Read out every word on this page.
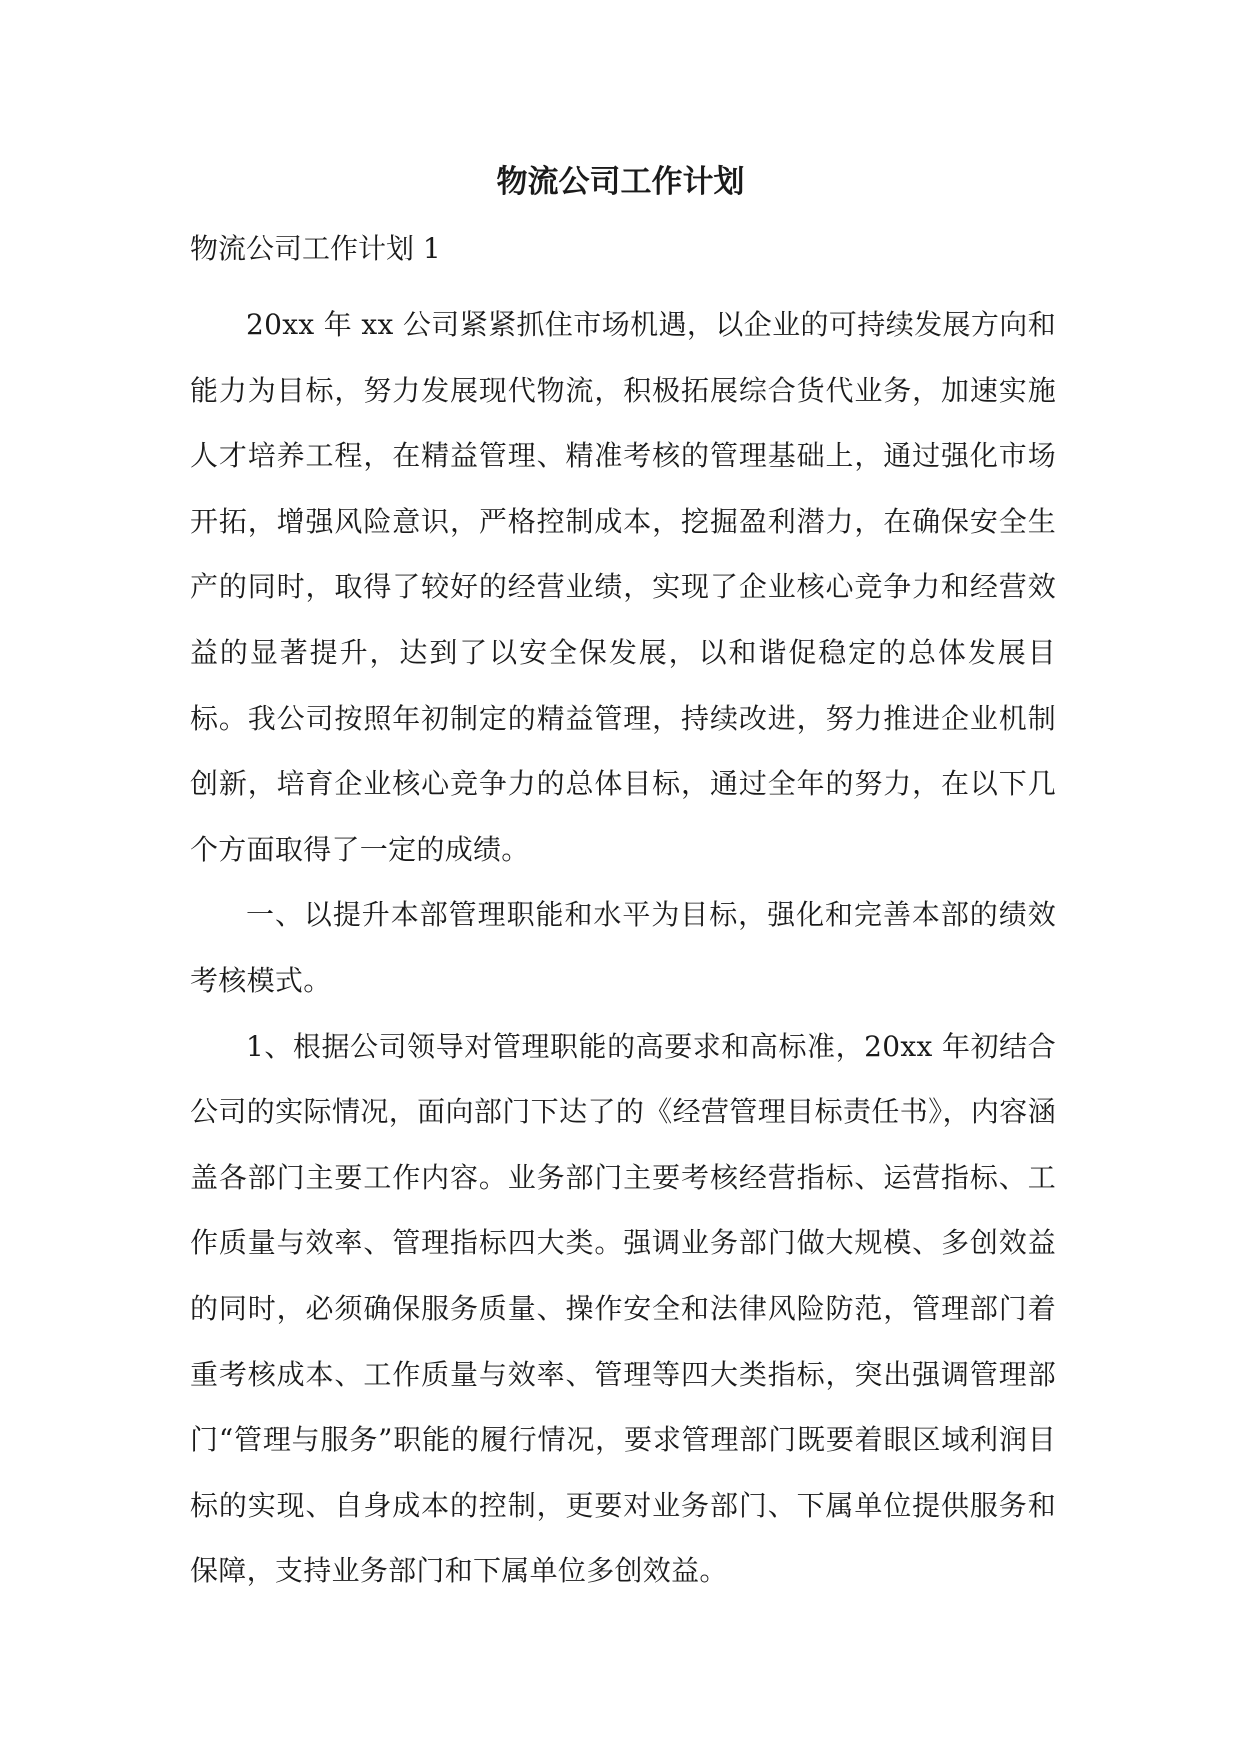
物流公司工作计划

物流公司工作计划 1

20xx 年 xx 公司紧紧抓住市场机遇，以企业的可持续发展方向和能力为目标，努力发展现代物流，积极拓展综合货代业务，加速实施人才培养工程，在精益管理、精准考核的管理基础上，通过强化市场开拓，增强风险意识，严格控制成本，挖掘盈利潜力，在确保安全生产的同时，取得了较好的经营业绩，实现了企业核心竞争力和经营效益的显著提升，达到了以安全保发展，以和谐促稳定的总体发展目标。我公司按照年初制定的精益管理，持续改进，努力推进企业机制创新，培育企业核心竞争力的总体目标，通过全年的努力，在以下几个方面取得了一定的成绩。

一、以提升本部管理职能和水平为目标，强化和完善本部的绩效考核模式。

1、根据公司领导对管理职能的高要求和高标准，20xx 年初结合公司的实际情况，面向部门下达了的《经营管理目标责任书》，内容涵盖各部门主要工作内容。业务部门主要考核经营指标、运营指标、工作质量与效率、管理指标四大类。强调业务部门做大规模、多创效益的同时，必须确保服务质量、操作安全和法律风险防范，管理部门着重考核成本、工作质量与效率、管理等四大类指标，突出强调管理部门“管理与服务”职能的履行情况，要求管理部门既要着眼区域利润目标的实现、自身成本的控制，更要对业务部门、下属单位提供服务和保障，支持业务部门和下属单位多创效益。
